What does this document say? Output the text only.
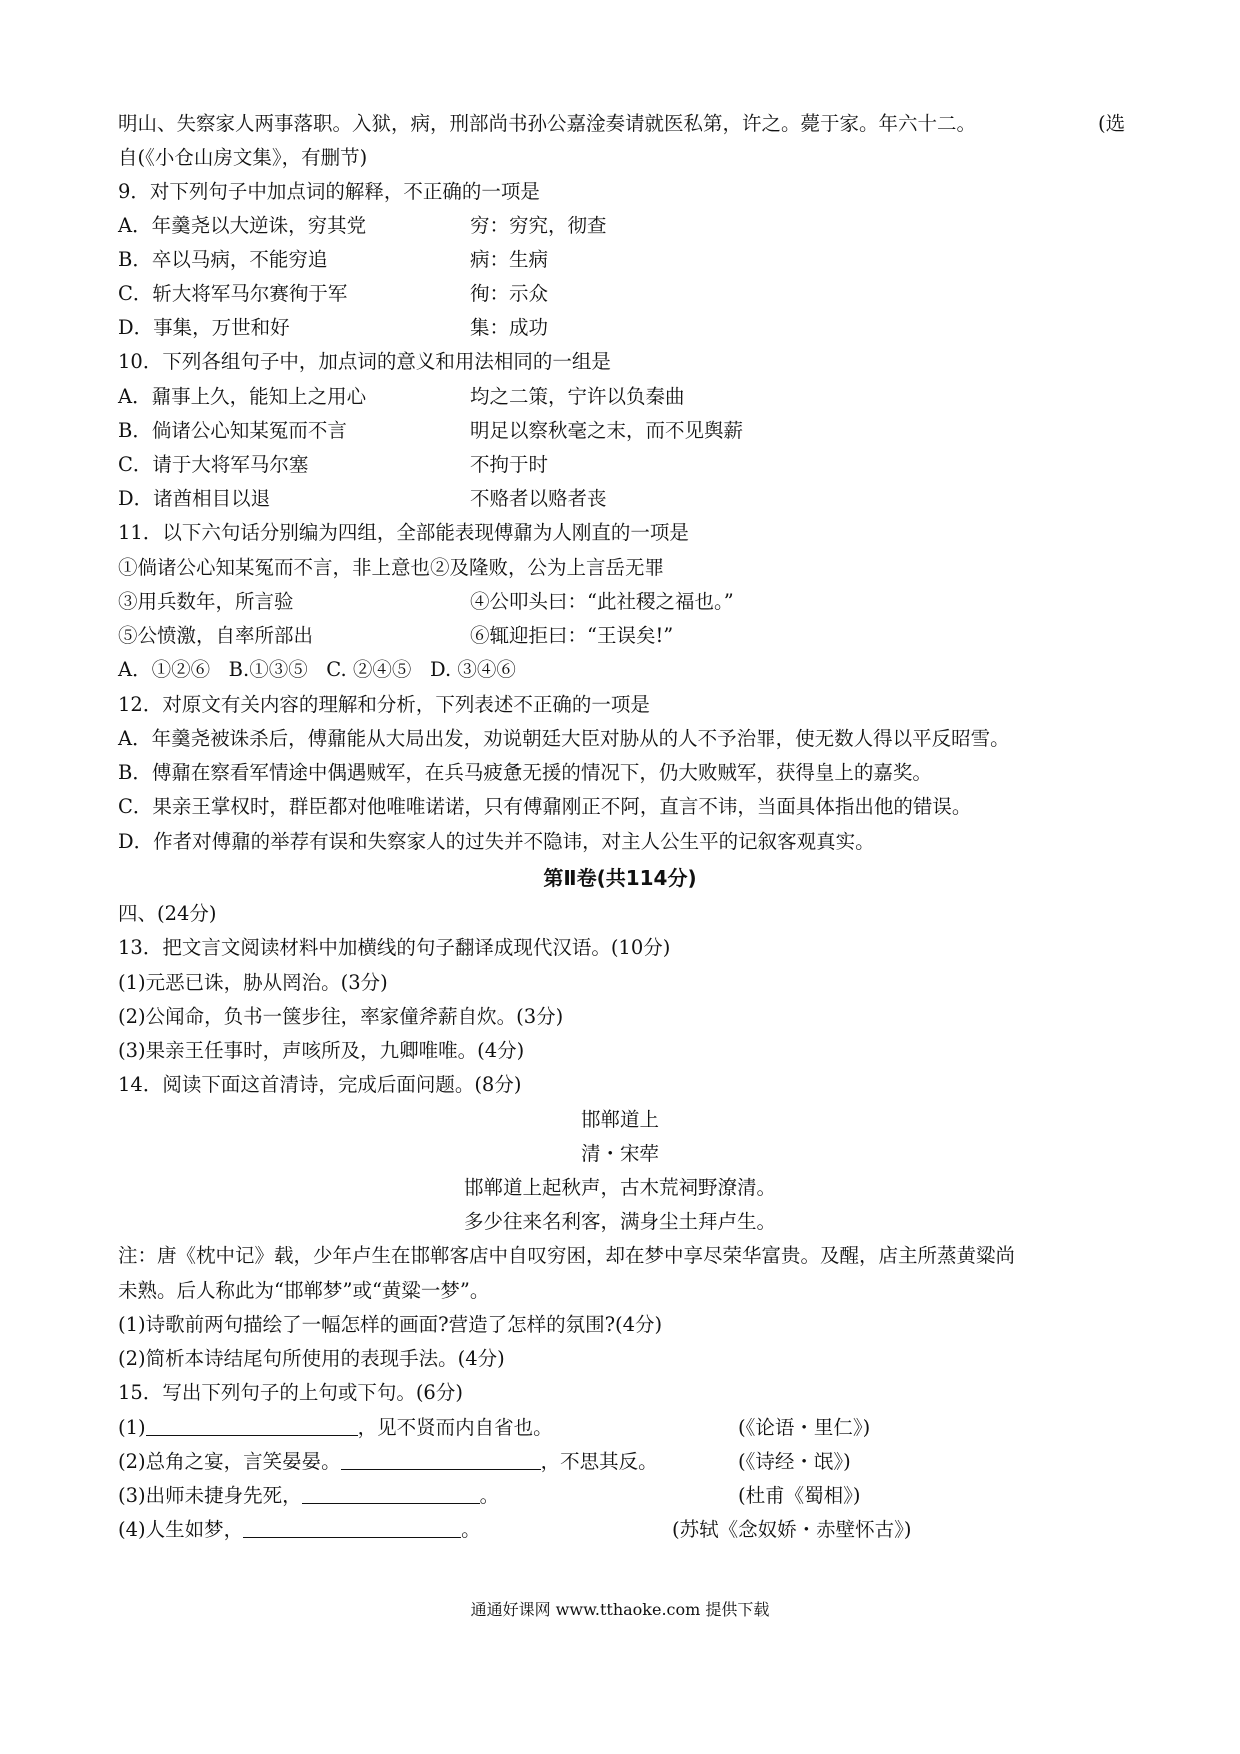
明山、失察家人两事落职。入狱，病，刑部尚书孙公嘉淦奏请就医私第，许之。薨于家。年六十二。	(选
自(《小仓山房文集》，有删节)
9．对下列句子中加点词的解释，不正确的一项是
A．年羹尧以大逆诛，穷其党	穷：穷究，彻查
B．卒以马病，不能穷追	病：生病
C．斩大将军马尔赛徇于军	徇：示众
D．事集，万世和好	集：成功
10．下列各组句子中，加点词的意义和用法相同的一组是
A．鼐事上久，能知上之用心	均之二策，宁许以负秦曲
B．倘诸公心知某冤而不言	明足以察秋毫之末，而不见舆薪
C．请于大将军马尔塞	不拘于时
D．诸酋相目以退	不赂者以赂者丧
11．以下六句话分别编为四组，全部能表现傅鼐为人刚直的一项是
①倘诸公心知某冤而不言，非上意也②及隆败，公为上言岳无罪
③用兵数年，所言验	④公叩头曰：“此社稷之福也。”
⑤公愤激，自率所部出	⑥辄迎拒曰：“王误矣!”
A．①②⑥   B.①③⑤   C. ②④⑤   D. ③④⑥
12．对原文有关内容的理解和分析，下列表述不正确的一项是
A．年羹尧被诛杀后，傅鼐能从大局出发，劝说朝廷大臣对胁从的人不予治罪，使无数人得以平反昭雪。
B．傅鼐在察看军情途中偶遇贼军，在兵马疲惫无援的情况下，仍大败贼军，获得皇上的嘉奖。
C．果亲王掌权时，群臣都对他唯唯诺诺，只有傅鼐刚正不阿，直言不讳，当面具体指出他的错误。
D．作者对傅鼐的举荐有误和失察家人的过失并不隐讳，对主人公生平的记叙客观真实。
第Ⅱ卷(共114分)
四、(24分)
13．把文言文阅读材料中加横线的句子翻译成现代汉语。(10分)
(1)元恶已诛，胁从罔治。(3分)
(2)公闻命，负书一箧步往，率家僮斧薪自炊。(3分)
(3)果亲王任事时，声咳所及，九卿唯唯。(4分)
14．阅读下面这首清诗，完成后面问题。(8分)
邯郸道上
清・宋荦
邯郸道上起秋声，古木荒祠野潦清。
多少往来名利客，满身尘土拜卢生。
注：唐《枕中记》载，少年卢生在邯郸客店中自叹穷困，却在梦中享尽荣华富贵。及醒，店主所蒸黄粱尚
未熟。后人称此为“邯郸梦”或“黄粱一梦”。
(1)诗歌前两句描绘了一幅怎样的画面?营造了怎样的氛围?(4分)
(2)简析本诗结尾句所使用的表现手法。(4分)
15．写出下列句子的上句或下句。(6分)
(1)	，见不贤而内自省也。	(《论语・里仁》)
(2)总角之宴，言笑晏晏。	，不思其反。	(《诗经・氓》)
(3)出师未捷身先死，	。	(杜甫《蜀相》)
(4)人生如梦，	。	(苏轼《念奴娇・赤壁怀古》)
通通好课网 www.tthaoke.com 提供下载
